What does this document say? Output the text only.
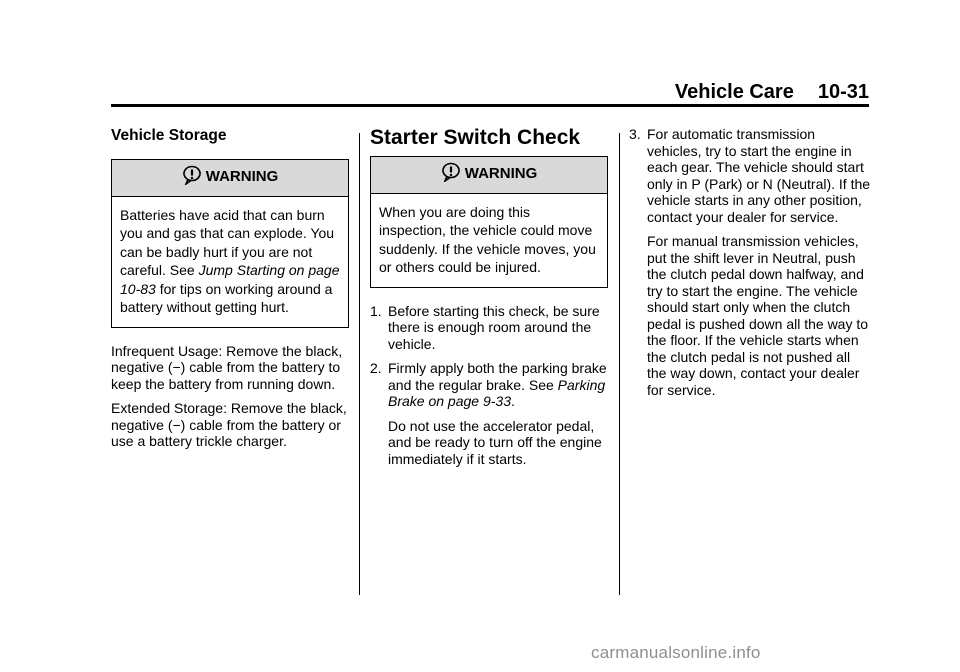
Vehicle Care 10-31
Vehicle Storage
WARNING
Batteries have acid that can burn you and gas that can explode. You can be badly hurt if you are not careful. See Jump Starting on page 10-83 for tips on working around a battery without getting hurt.

Infrequent Usage: Remove the black, negative (−) cable from the battery to keep the battery from running down.

Extended Storage: Remove the black, negative (−) cable from the battery or use a battery trickle charger.

Starter Switch Check
WARNING
When you are doing this inspection, the vehicle could move suddenly. If the vehicle moves, you or others could be injured.
1. Before starting this check, be sure there is enough room around the vehicle.
2. Firmly apply both the parking brake and the regular brake. See Parking Brake on page 9-33.
Do not use the accelerator pedal, and be ready to turn off the engine immediately if it starts.
3. For automatic transmission vehicles, try to start the engine in each gear. The vehicle should start only in P (Park) or N (Neutral). If the vehicle starts in any other position, contact your dealer for service.
For manual transmission vehicles, put the shift lever in Neutral, push the clutch pedal down halfway, and try to start the engine. The vehicle should start only when the clutch pedal is pushed down all the way to the floor. If the vehicle starts when the clutch pedal is not pushed all the way down, contact your dealer for service.
carmanualsonline.info
